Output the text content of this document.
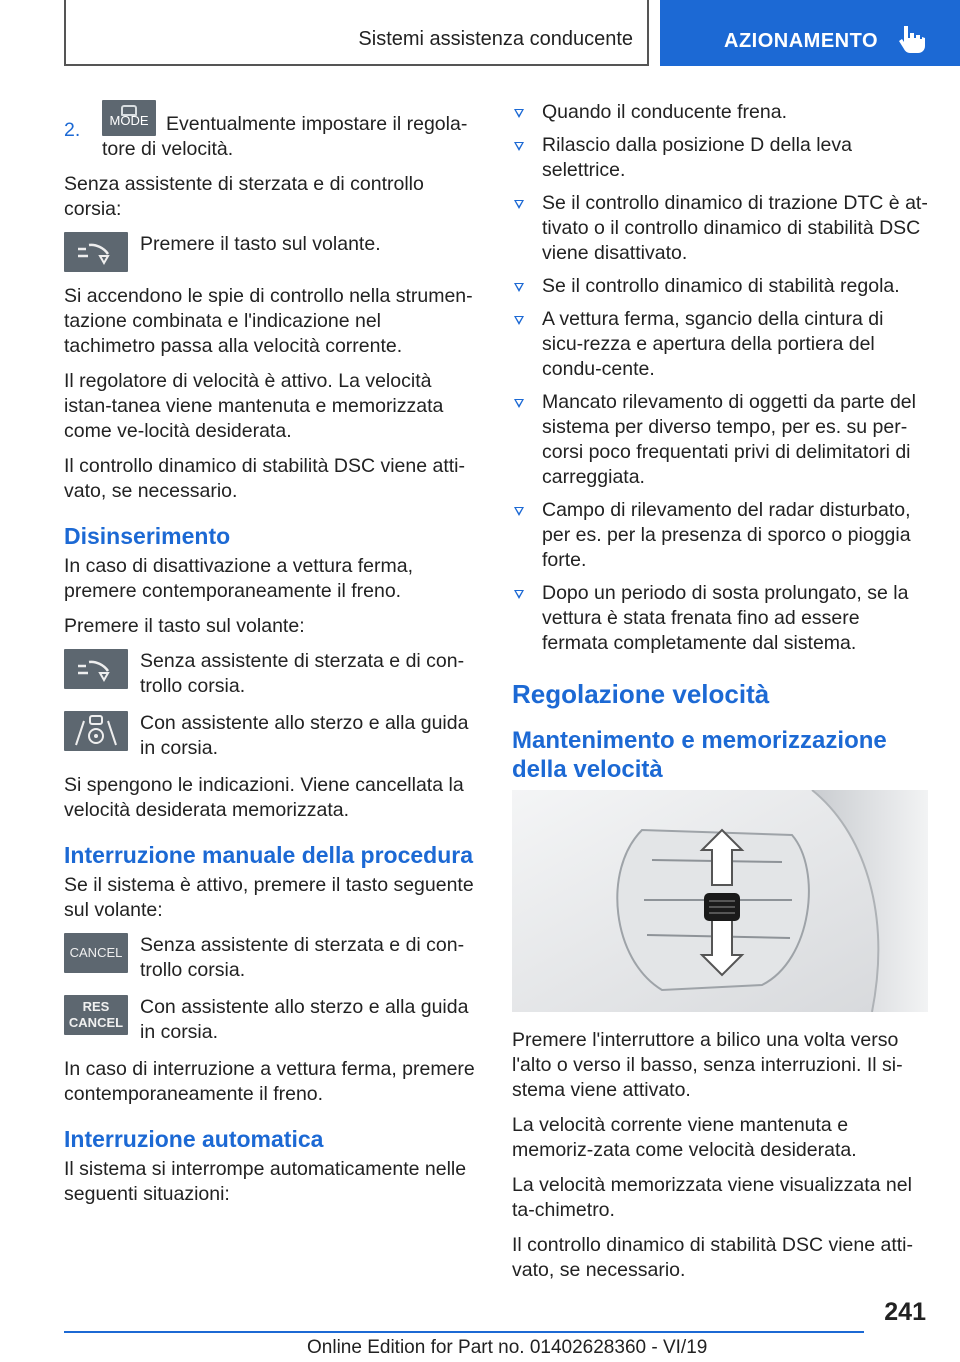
Sistemi assistenza conducente	AZIONAMENTO
2.	MODE Eventualmente impostare il regola-tore di velocità.

Senza assistente di sterzata e di controllo corsia:

Premere il tasto sul volante.

Si accendono le spie di controllo nella strumen-tazione combinata e l'indicazione nel tachimetro passa alla velocità corrente.

Il regolatore di velocità è attivo. La velocità istan-tanea viene mantenuta e memorizzata come ve-locità desiderata.

Il controllo dinamico di stabilità DSC viene atti-vato, se necessario.

Disinserimento

In caso di disattivazione a vettura ferma, premere contemporaneamente il freno.

Premere il tasto sul volante:

Senza assistente di sterzata e di con-trollo corsia.
Con assistente allo sterzo e alla guida in corsia.

Si spengono le indicazioni. Viene cancellata la velocità desiderata memorizzata.

Interruzione manuale della procedura

Se il sistema è attivo, premere il tasto seguente sul volante:

CANCEL Senza assistente di sterzata e di con-trollo corsia.
RES
CANCEL
Con assistente allo sterzo e alla guida in corsia.

In caso di interruzione a vettura ferma, premere contemporaneamente il freno.

Interruzione automatica

Il sistema si interrompe automaticamente nelle seguenti situazioni:

Quando il conducente frena.
Rilascio dalla posizione D della leva selettrice.
Se il controllo dinamico di trazione DTC è at-tivato o il controllo dinamico di stabilità DSC viene disattivato.
Se il controllo dinamico di stabilità regola.
A vettura ferma, sgancio della cintura di sicu-rezza e apertura della portiera del condu-cente.
Mancato rilevamento di oggetti da parte del sistema per diverso tempo, per es. su per-corsi poco frequentati privi di delimitatori di carreggiata.
Campo di rilevamento del radar disturbato, per es. per la presenza di sporco o pioggia forte.
Dopo un periodo di sosta prolungato, se la vettura è stata frenata fino ad essere fermata completamente dal sistema.
Regolazione velocità
Mantenimento e memorizzazione della velocità

Premere l'interruttore a bilico una volta verso l'alto o verso il basso, senza interruzioni. Il si-stema viene attivato.

La velocità corrente viene mantenuta e memoriz-zata come velocità desiderata.

La velocità memorizzata viene visualizzata nel ta-chimetro.

Il controllo dinamico di stabilità DSC viene atti-vato, se necessario.

241
Online Edition for Part no. 01402628360 - VI/19
